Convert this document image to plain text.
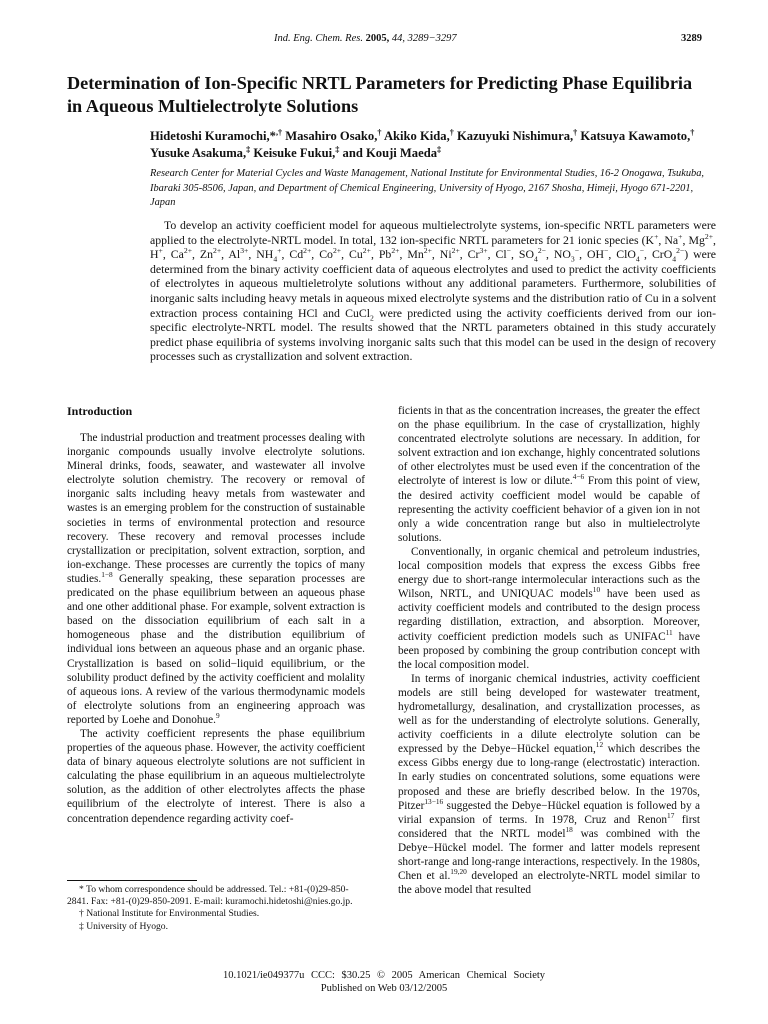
Ind. Eng. Chem. Res. 2005, 44, 3289−3297	3289
Determination of Ion-Specific NRTL Parameters for Predicting Phase Equilibria in Aqueous Multielectrolyte Solutions

Hidetoshi Kuramochi,*,† Masahiro Osako,† Akiko Kida,† Kazuyuki Nishimura,† Katsuya Kawamoto,† Yusuke Asakuma,‡ Keisuke Fukui,‡ and Kouji Maeda‡

Research Center for Material Cycles and Waste Management, National Institute for Environmental Studies, 16-2 Onogawa, Tsukuba, Ibaraki 305-8506, Japan, and Department of Chemical Engineering, University of Hyogo, 2167 Shosha, Himeji, Hyogo 671-2201, Japan

To develop an activity coefficient model for aqueous multielectrolyte systems, ion-specific NRTL parameters were applied to the electrolyte-NRTL model. In total, 132 ion-specific NRTL parameters for 21 ionic species (K+, Na+, $Mg^{2+}$, H+, $Ca^{2+}$, $Zn^{2+}$, $Al^{3+}$, $NH_4^+$, $Cd^{2+}$, $Co^{2+}$, $Cu^{2+}$, $Pb^{2+}$, $Mn^{2+}$, $Ni^{2+}$, $Cr^{3+}$, Cl−, $SO_4^{2-}$, $NO_3^-$, OH−, ClO$_4$−, CrO$_4^{2-}$) were determined from the binary activity coefficient data of aqueous electrolytes and used to predict the activity coefficients of electrolytes in aqueous multieletrolyte solutions without any additional parameters. Furthermore, solubilities of inorganic salts including heavy metals in aqueous mixed electrolyte systems and the distribution ratio of Cu in a solvent extraction process containing HCl and CuCl$_2$ were predicted using the activity coefficients derived from our ion-specific electrolyte-NRTL model. The results showed that the NRTL parameters obtained in this study accurately predict phase equilibria of systems involving inorganic salts such that this model can be used in the design of recovery processes such as crystallization and solvent extraction.

Introduction

The industrial production and treatment processes dealing with inorganic compounds usually involve electrolyte solutions. Mineral drinks, foods, seawater, and wastewater all involve electrolyte solution chemistry. The recovery or removal of inorganic salts including heavy metals from wastewater and wastes is an emerging problem for the construction of sustainable societies in terms of environmental protection and resource recovery. These recovery and removal processes include crystallization or precipitation, solvent extraction, sorption, and ion-exchange. These processes are currently the topics of many studies.$^{1-8}$ Generally speaking, these separation processes are predicated on the phase equilibrium between an aqueous phase and one other additional phase. For example, solvent extraction is based on the dissociation equilibrium of each salt in a homogeneous phase and the distribution equilibrium of individual ions between an aqueous phase and an organic phase. Crystallization is based on solid−liquid equilibrium, or the solubility product defined by the activity coefficient and molality of aqueous ions. A review of the various thermodynamic models of electrolyte solutions from an engineering approach was reported by Loehe and Donohue.$^9$

The activity coefficient represents the phase equilibrium properties of the aqueous phase. However, the activity coefficient data of binary aqueous electrolyte solutions are not sufficient in calculating the phase equilibrium in an aqueous multielectrolyte solution, as the addition of other electrolytes affects the phase equilibrium of the electrolyte of interest. There is also a concentration dependence regarding activity coef-

ficients in that as the concentration increases, the greater the effect on the phase equilibrium. In the case of crystallization, highly concentrated electrolyte solutions are necessary. In addition, for solvent extraction and ion exchange, highly concentrated solutions of other electrolytes must be used even if the concentration of the electrolyte of interest is low or dilute.$^{4-6}$ From this point of view, the desired activity coefficient model would be capable of representing the activity coefficient behavior of a given ion in not only a wide concentration range but also in multielectrolyte solutions.

Conventionally, in organic chemical and petroleum industries, local composition models that express the excess Gibbs free energy due to short-range intermolecular interactions such as the Wilson, NRTL, and UNIQUAC models$^{10}$ have been used as activity coefficient models and contributed to the design process regarding distillation, extraction, and absorption. Moreover, activity coefficient prediction models such as UNIFAC$^{11}$ have been proposed by combining the group contribution concept with the local composition model.

In terms of inorganic chemical industries, activity coefficient models are still being developed for wastewater treatment, hydrometallurgy, desalination, and crystallization processes, as well as for the understanding of electrolyte solutions. Generally, activity coefficients in a dilute electrolyte solution can be expressed by the Debye−Hückel equation,$^{12}$ which describes the excess Gibbs energy due to long-range (electrostatic) interaction. In early studies on concentrated solutions, some equations were proposed and these are briefly described below. In the 1970s, Pitzer$^{13-16}$ suggested the Debye−Hückel equation is followed by a virial expansion of terms. In 1978, Cruz and Renon$^{17}$ first considered that the NRTL model$^{18}$ was combined with the Debye−Hückel model. The former and latter models represent short-range and long-range interactions, respectively. In the 1980s, Chen et al.$^{19,20}$ developed an electrolyte-NRTL model similar to the above model that resulted

* To whom correspondence should be addressed. Tel.: +81-(0)29-850-2841. Fax: +81-(0)29-850-2091. E-mail: kuramochi.hidetoshi@nies.go.jp.
† National Institute for Environmental Studies.
‡ University of Hyogo.
10.1021/ie049377u CCC: $30.25 © 2005 American Chemical Society
Published on Web 03/12/2005
